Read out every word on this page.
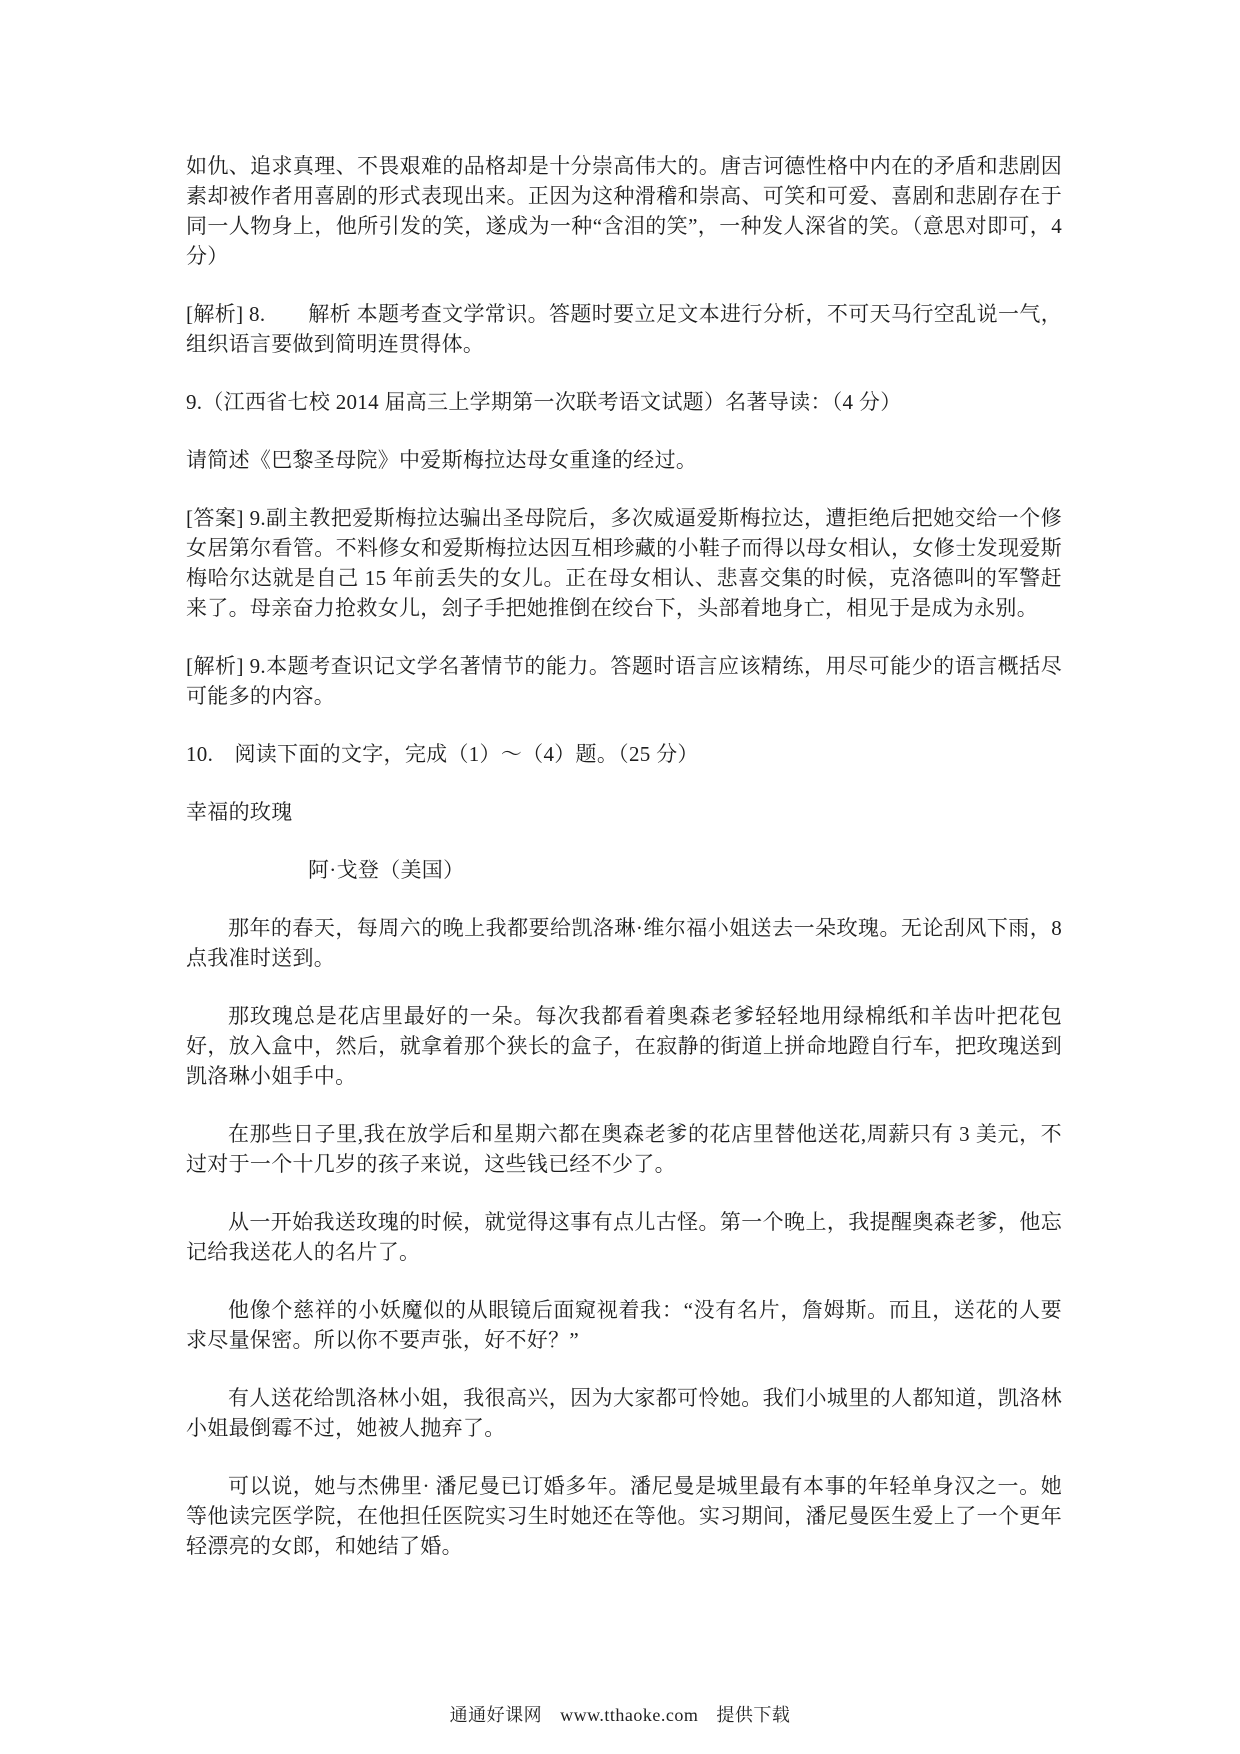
如仇、追求真理、不畏艰难的品格却是十分崇高伟大的。唐吉诃德性格中内在的矛盾和悲剧因素却被作者用喜剧的形式表现出来。正因为这种滑稽和崇高、可笑和可爱、喜剧和悲剧存在于同一人物身上，他所引发的笑，遂成为一种“含泪的笑”，一种发人深省的笑。（意思对即可，4 分）

[解析] 8.　　解析 本题考查文学常识。答题时要立足文本进行分析，不可天马行空乱说一气，组织语言要做到简明连贯得体。

9.（江西省七校 2014 届高三上学期第一次联考语文试题）名著导读：（4 分）

请简述《巴黎圣母院》中爱斯梅拉达母女重逢的经过。

[答案] 9.副主教把爱斯梅拉达骗出圣母院后，多次威逼爱斯梅拉达，遭拒绝后把她交给一个修女居第尔看管。不料修女和爱斯梅拉达因互相珍藏的小鞋子而得以母女相认，女修士发现爱斯梅哈尔达就是自己 15 年前丢失的女儿。正在母女相认、悲喜交集的时候，克洛德叫的军警赶来了。母亲奋力抢救女儿，刽子手把她推倒在绞台下，头部着地身亡，相见于是成为永别。

[解析] 9.本题考查识记文学名著情节的能力。答题时语言应该精练，用尽可能少的语言概括尽可能多的内容。

10.　阅读下面的文字，完成（1）～（4）题。（25 分）

幸福的玫瑰

阿·戈登（美国）

那年的春天，每周六的晚上我都要给凯洛琳·维尔福小姐送去一朵玫瑰。无论刮风下雨，8 点我准时送到。

那玫瑰总是花店里最好的一朵。每次我都看着奥森老爹轻轻地用绿棉纸和羊齿叶把花包好，放入盒中，然后，就拿着那个狭长的盒子，在寂静的街道上拼命地蹬自行车，把玫瑰送到凯洛琳小姐手中。

在那些日子里,我在放学后和星期六都在奥森老爹的花店里替他送花,周薪只有 3 美元，不过对于一个十几岁的孩子来说，这些钱已经不少了。

从一开始我送玫瑰的时候，就觉得这事有点儿古怪。第一个晚上，我提醒奥森老爹，他忘记给我送花人的名片了。

他像个慈祥的小妖魔似的从眼镜后面窥视着我：“没有名片，詹姆斯。而且，送花的人要求尽量保密。所以你不要声张，好不好？”

有人送花给凯洛林小姐，我很高兴，因为大家都可怜她。我们小城里的人都知道，凯洛林小姐最倒霉不过，她被人抛弃了。

可以说，她与杰佛里· 潘尼曼已订婚多年。潘尼曼是城里最有本事的年轻单身汉之一。她等他读完医学院，在他担任医院实习生时她还在等他。实习期间，潘尼曼医生爱上了一个更年轻漂亮的女郎，和她结了婚。

通通好课网 www.tthaoke.com 提供下载
